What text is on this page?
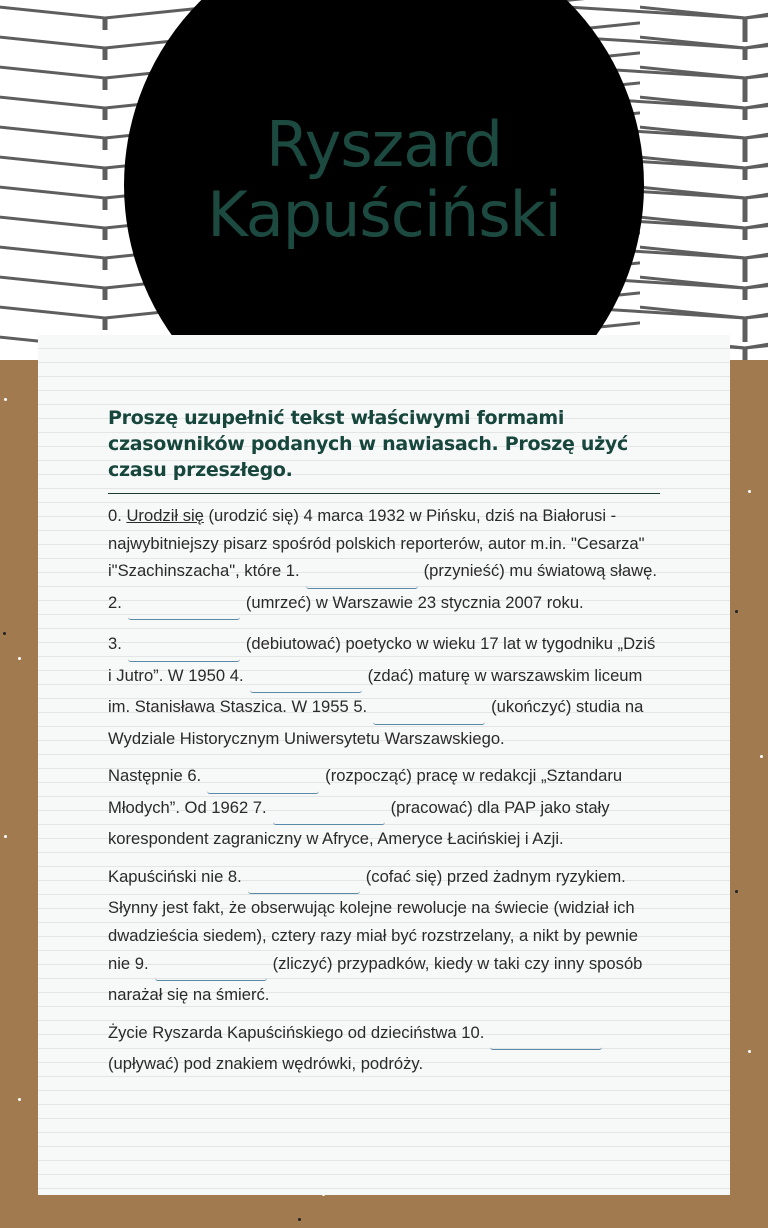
Ryszard
Kapuściński
Proszę uzupełnić tekst właściwymi formami czasowników podanych w nawiasach. Proszę użyć czasu przeszłego.

0. Urodził się (urodzić się) 4 marca 1932 w Pińsku, dziś na Białorusi - najwybitniejszy pisarz spośród polskich reporterów, autor m.in. "Cesarza" i"Szachinszacha", które 1.	(przynieść) mu światową sławę. 2.	(umrzeć) w Warszawie 23 stycznia 2007 roku.

3.	(debiutować) poetycko w wieku 17 lat w tygodniku „Dziś i Jutro”. W 1950 4.	(zdać) maturę w warszawskim liceum im. Stanisława Staszica. W 1955 5.	(ukończyć) studia na Wydziale Historycznym Uniwersytetu Warszawskiego.

Następnie 6.	(rozpocząć) pracę w redakcji „Sztandaru Młodych”. Od 1962 7.	(pracować) dla PAP jako stały korespondent zagraniczny w Afryce, Ameryce Łacińskiej i Azji.

Kapuściński nie 8.	(cofać się) przed żadnym ryzykiem. Słynny jest fakt, że obserwując kolejne rewolucje na świecie (widział ich dwadzieścia siedem), cztery razy miał być rozstrzelany, a nikt by pewnie nie 9.	(zliczyć) przypadków, kiedy w taki czy inny sposób narażał się na śmierć.

Życie Ryszarda Kapuścińskiego od dzieciństwa 10.(upływać) pod znakiem wędrówki, podróży.
